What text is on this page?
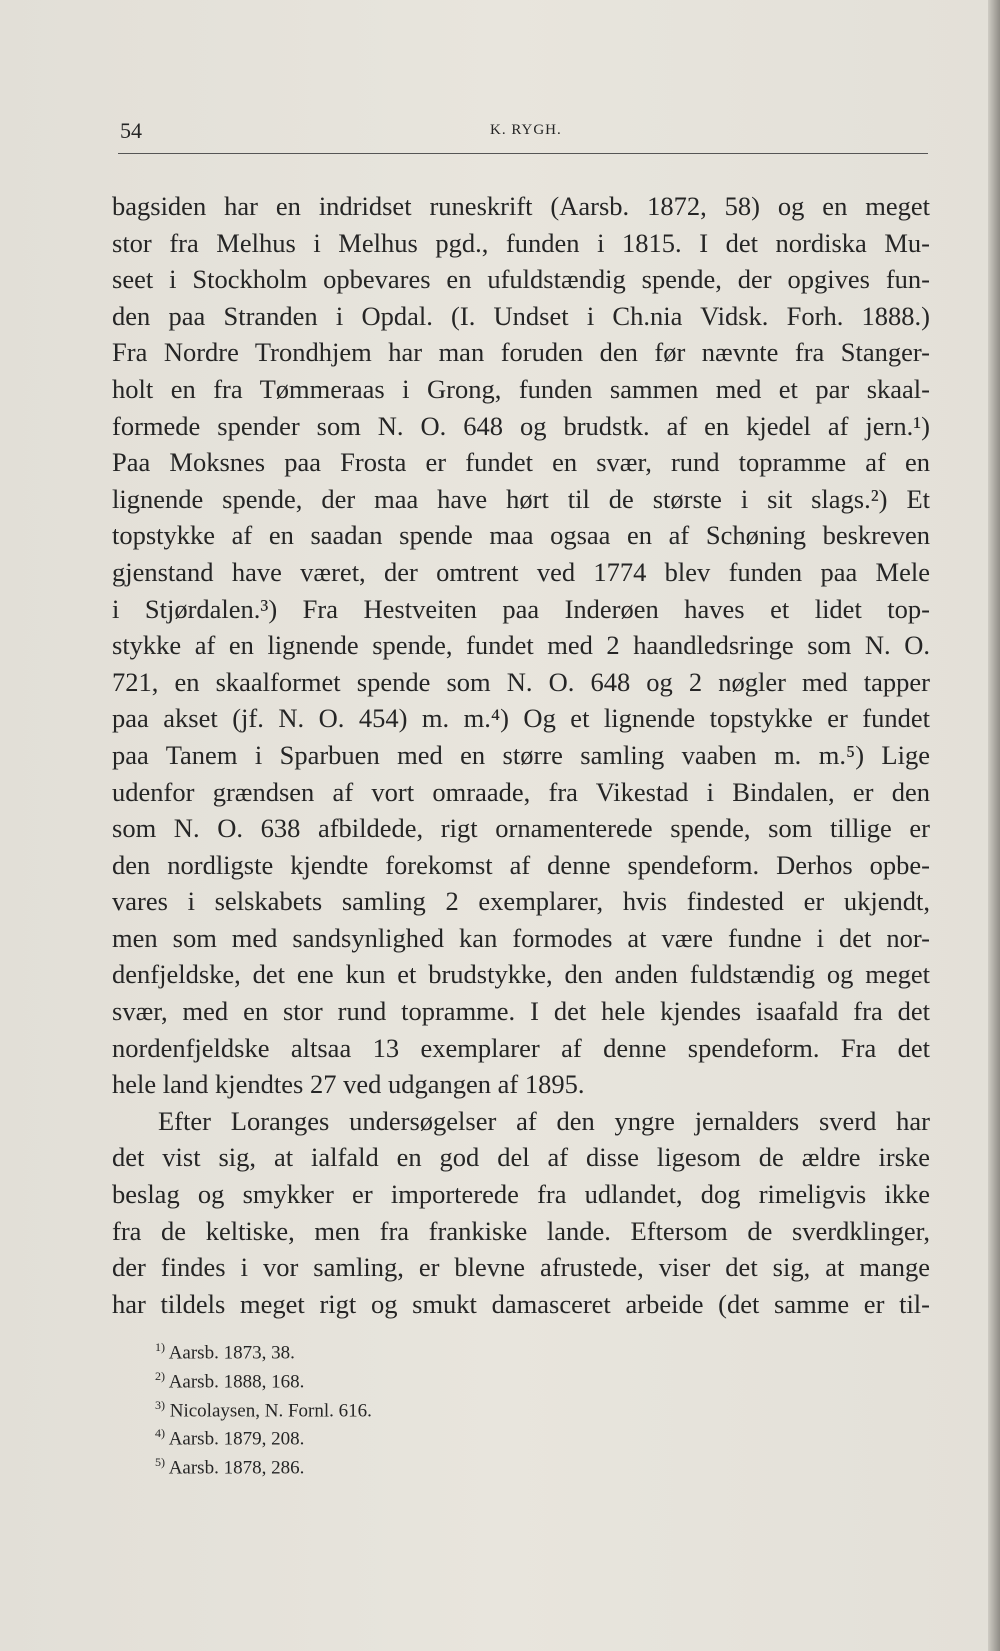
54	K. RYGH.
bagsiden har en indridset runeskrift (Aarsb. 1872, 58) og en meget
stor fra Melhus i Melhus pgd., funden i 1815. I det nordiska Mu-
seet i Stockholm opbevares en ufuldstændig spende, der opgives fun-
den paa Stranden i Opdal. (I. Undset i Ch.nia Vidsk. Forh. 1888.)
Fra Nordre Trondhjem har man foruden den før nævnte fra Stanger-
holt en fra Tømmeraas i Grong, funden sammen med et par skaal-
formede spender som N. O. 648 og brudstk. af en kjedel af jern.¹)
Paa Moksnes paa Frosta er fundet en svær, rund topramme af en
lignende spende, der maa have hørt til de største i sit slags.²) Et
topstykke af en saadan spende maa ogsaa en af Schøning beskreven
gjenstand have været, der omtrent ved 1774 blev funden paa Mele
i Stjørdalen.³) Fra Hestveiten paa Inderøen haves et lidet top-
stykke af en lignende spende, fundet med 2 haandledsringe som N. O.
721, en skaalformet spende som N. O. 648 og 2 nøgler med tapper
paa akset (jf. N. O. 454) m. m.⁴) Og et lignende topstykke er fundet
paa Tanem i Sparbuen med en større samling vaaben m. m.⁵) Lige
udenfor grændsen af vort omraade, fra Vikestad i Bindalen, er den
som N. O. 638 afbildede, rigt ornamenterede spende, som tillige er
den nordligste kjendte forekomst af denne spendeform. Derhos opbe-
vares i selskabets samling 2 exemplarer, hvis findested er ukjendt,
men som med sandsynlighed kan formodes at være fundne i det nor-
denfjeldske, det ene kun et brudstykke, den anden fuldstændig og meget
svær, med en stor rund topramme. I det hele kjendes isaafald fra det
nordenfjeldske altsaa 13 exemplarer af denne spendeform. Fra det
hele land kjendtes 27 ved udgangen af 1895.
Efter Loranges undersøgelser af den yngre jernalders sverd har
det vist sig, at ialfald en god del af disse ligesom de ældre irske
beslag og smykker er importerede fra udlandet, dog rimeligvis ikke
fra de keltiske, men fra frankiske lande. Eftersom de sverdklinger,
der findes i vor samling, er blevne afrustede, viser det sig, at mange
har tildels meget rigt og smukt damasceret arbeide (det samme er til-
$^{1)}$ Aarsb. 1873, 38.
$^{2)}$ Aarsb. 1888, 168.
$^{3)}$ Nicolaysen, N. Fornl. 616.
$^{4)}$ Aarsb. 1879, 208.
$^{5)}$ Aarsb. 1878, 286.
